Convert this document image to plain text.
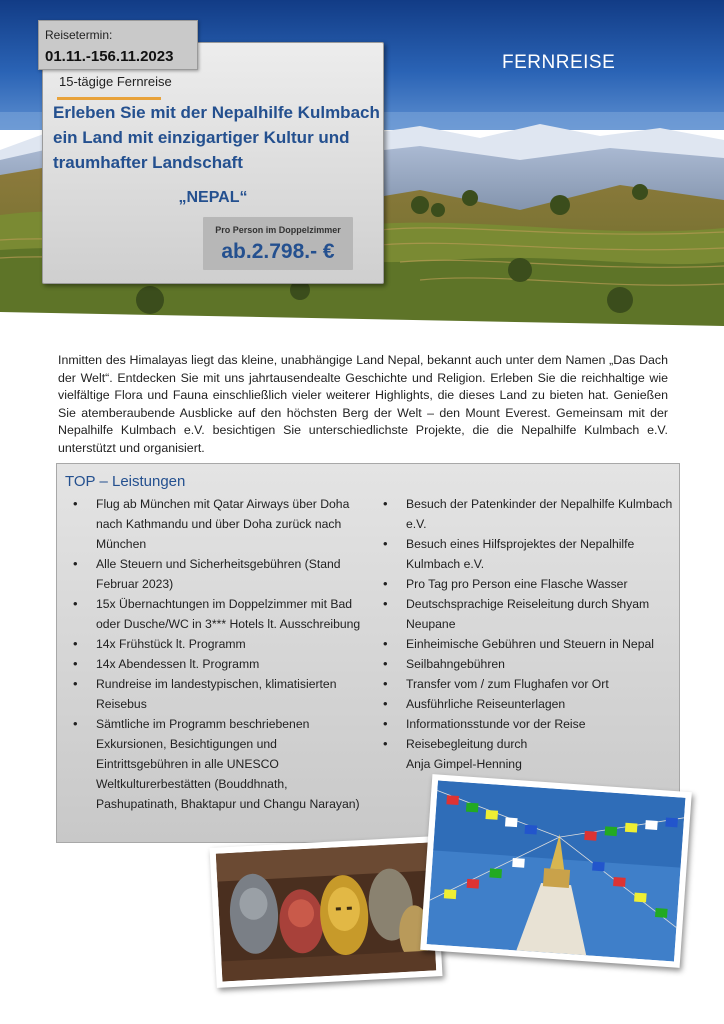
FERNREISE
Reisetermin:
01.11.-156.11.2023
15-tägige Fernreise
Erleben Sie mit der Nepalhilfe Kulmbach ein Land mit einzigartiger Kultur und traumhafter Landschaft
„NEPAL“
Pro Person im Doppelzimmer
ab.2.798.- €
Inmitten des Himalayas liegt das kleine, unabhängige Land Nepal, bekannt auch unter dem Namen „Das Dach der Welt“. Entdecken Sie mit uns jahrtausendealte Geschichte und Religion. Erleben Sie die reichhaltige wie vielfältige Flora und Fauna einschließlich vieler weiterer Highlights, die dieses Land zu bieten hat. Genießen Sie atemberaubende Ausblicke auf den höchsten Berg der Welt – den Mount Everest. Gemeinsam mit der Nepalhilfe Kulmbach e.V. besichtigen Sie unterschiedlichste Projekte, die die Nepalhilfe Kulmbach e.V. unterstützt und organisiert.
TOP – Leistungen
• Flug ab München mit Qatar Airways über Doha nach Kathmandu und über Doha zurück nach München
• Alle Steuern und Sicherheitsgebühren (Stand Februar 2023)
• 15x Übernachtungen im Doppelzimmer mit Bad oder Dusche/WC in 3*** Hotels lt. Ausschreibung
• 14x Frühstück lt. Programm
• 14x Abendessen lt. Programm
• Rundreise im landestypischen, klimatisierten Reisebus
• Sämtliche im Programm beschriebenen Exkursionen, Besichtigungen und Eintrittsgebühren in alle UNESCO Weltkulturerbestätten (Bouddhnath, Pashupatinath, Bhaktapur und Changu Narayan)
• Besuch der Patenkinder der Nepalhilfe Kulmbach e.V.
• Besuch eines Hilfsprojektes der Nepalhilfe Kulmbach e.V.
• Pro Tag pro Person eine Flasche Wasser
• Deutschsprachige Reiseleitung durch Shyam Neupane
• Einheimische Gebühren und Steuern in Nepal
• Seilbahngebühren
• Transfer vom / zum Flughafen vor Ort
• Ausführliche Reiseunterlagen
• Informationsstunde vor der Reise
• Reisebegleitung durch
Anja Gimpel-Henning
